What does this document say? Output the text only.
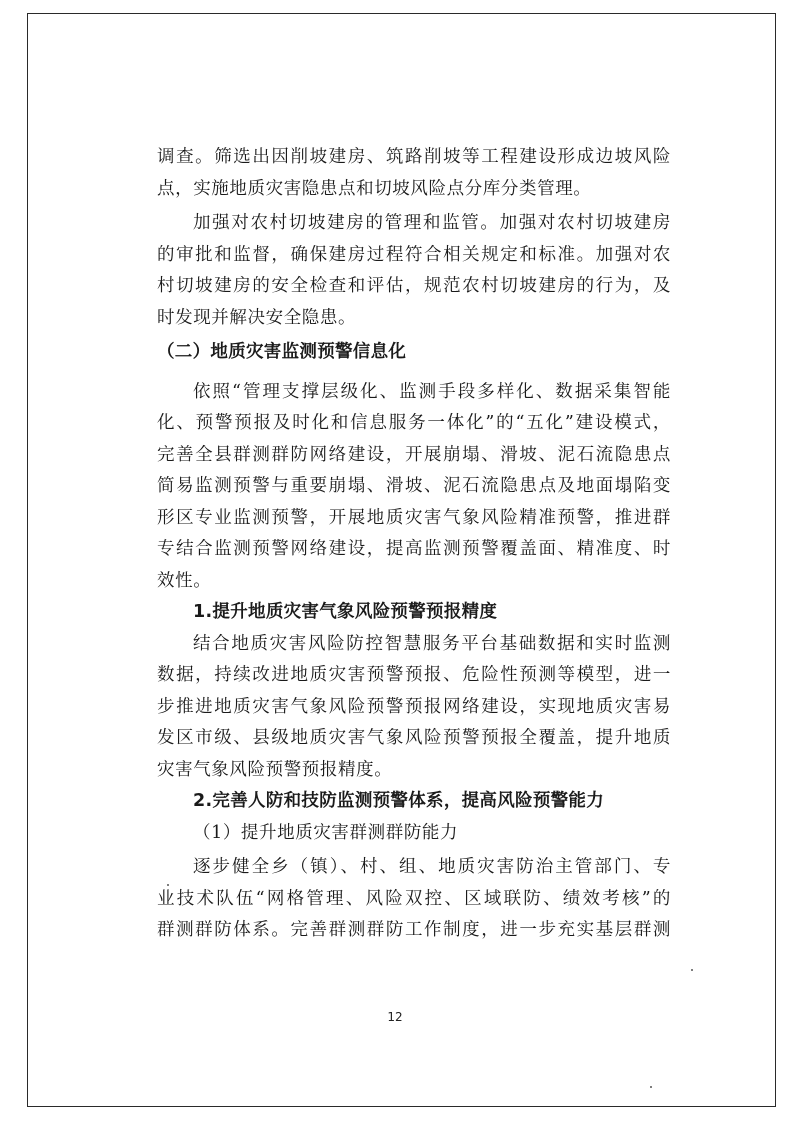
调查。筛选出因削坡建房、筑路削坡等工程建设形成边坡风险
点，实施地质灾害隐患点和切坡风险点分库分类管理。
加强对农村切坡建房的管理和监管。加强对农村切坡建房
的审批和监督，确保建房过程符合相关规定和标准。加强对农
村切坡建房的安全检查和评估，规范农村切坡建房的行为，及
时发现并解决安全隐患。
（二）地质灾害监测预警信息化
依照“管理支撑层级化、监测手段多样化、数据采集智能
化、预警预报及时化和信息服务一体化”的“五化”建设模式，
完善全县群测群防网络建设，开展崩塌、滑坡、泥石流隐患点
简易监测预警与重要崩塌、滑坡、泥石流隐患点及地面塌陷变
形区专业监测预警，开展地质灾害气象风险精准预警，推进群
专结合监测预警网络建设，提高监测预警覆盖面、精准度、时
效性。
1.提升地质灾害气象风险预警预报精度
结合地质灾害风险防控智慧服务平台基础数据和实时监测
数据，持续改进地质灾害预警预报、危险性预测等模型，进一
步推进地质灾害气象风险预警预报网络建设，实现地质灾害易
发区市级、县级地质灾害气象风险预警预报全覆盖，提升地质
灾害气象风险预警预报精度。
2.完善人防和技防监测预警体系，提高风险预警能力
（1）提升地质灾害群测群防能力
逐步健全乡（镇）、村、组、地质灾害防治主管部门、专
业技术队伍“网格管理、风险双控、区域联防、绩效考核”的
群测群防体系。完善群测群防工作制度，进一步充实基层群测
12
